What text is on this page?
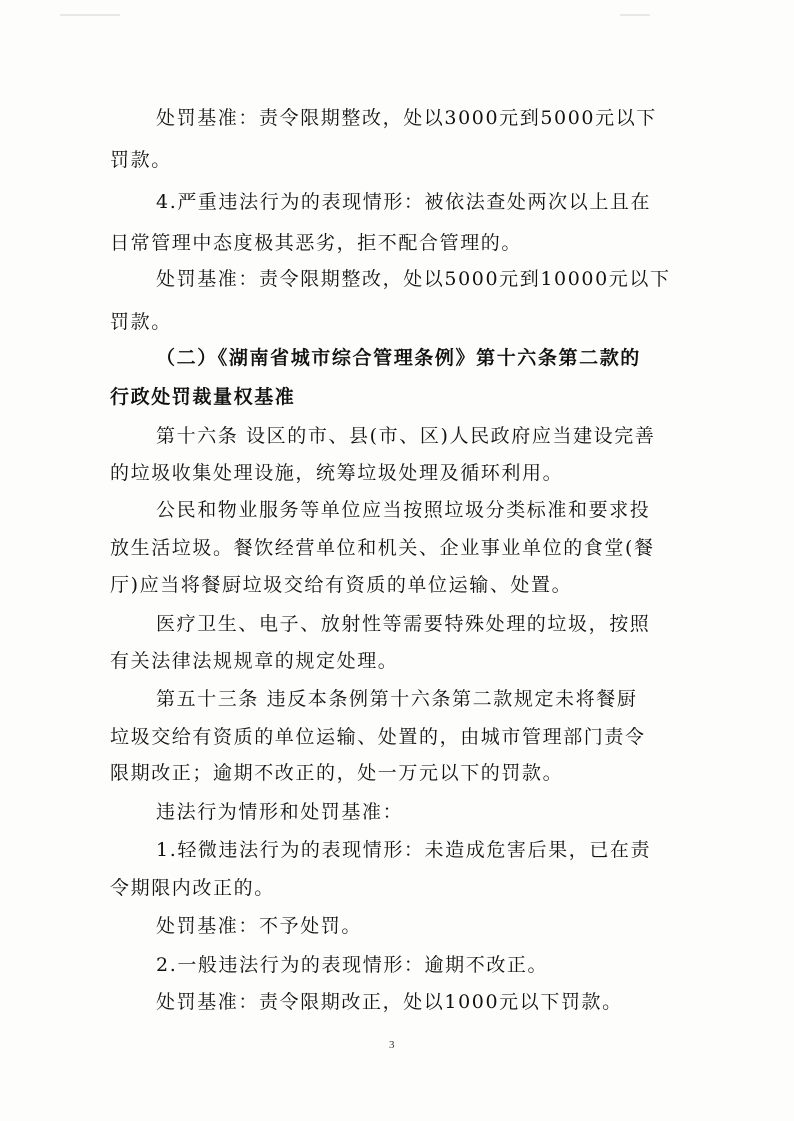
处罚基准：责令限期整改，处以3000元到5000元以下
罚款。
4.严重违法行为的表现情形：被依法查处两次以上且在
日常管理中态度极其恶劣，拒不配合管理的。
处罚基准：责令限期整改，处以5000元到10000元以下
罚款。
（二）《湖南省城市综合管理条例》第十六条第二款的
行政处罚裁量权基准
第十六条 设区的市、县(市、区)人民政府应当建设完善
的垃圾收集处理设施，统筹垃圾处理及循环利用。
公民和物业服务等单位应当按照垃圾分类标准和要求投
放生活垃圾。餐饮经营单位和机关、企业事业单位的食堂(餐
厅)应当将餐厨垃圾交给有资质的单位运输、处置。
医疗卫生、电子、放射性等需要特殊处理的垃圾，按照
有关法律法规规章的规定处理。
第五十三条 违反本条例第十六条第二款规定未将餐厨
垃圾交给有资质的单位运输、处置的，由城市管理部门责令
限期改正；逾期不改正的，处一万元以下的罚款。
违法行为情形和处罚基准：
1.轻微违法行为的表现情形：未造成危害后果，已在责
令期限内改正的。
处罚基准：不予处罚。
2.一般违法行为的表现情形：逾期不改正。
处罚基准：责令限期改正，处以1000元以下罚款。
3
